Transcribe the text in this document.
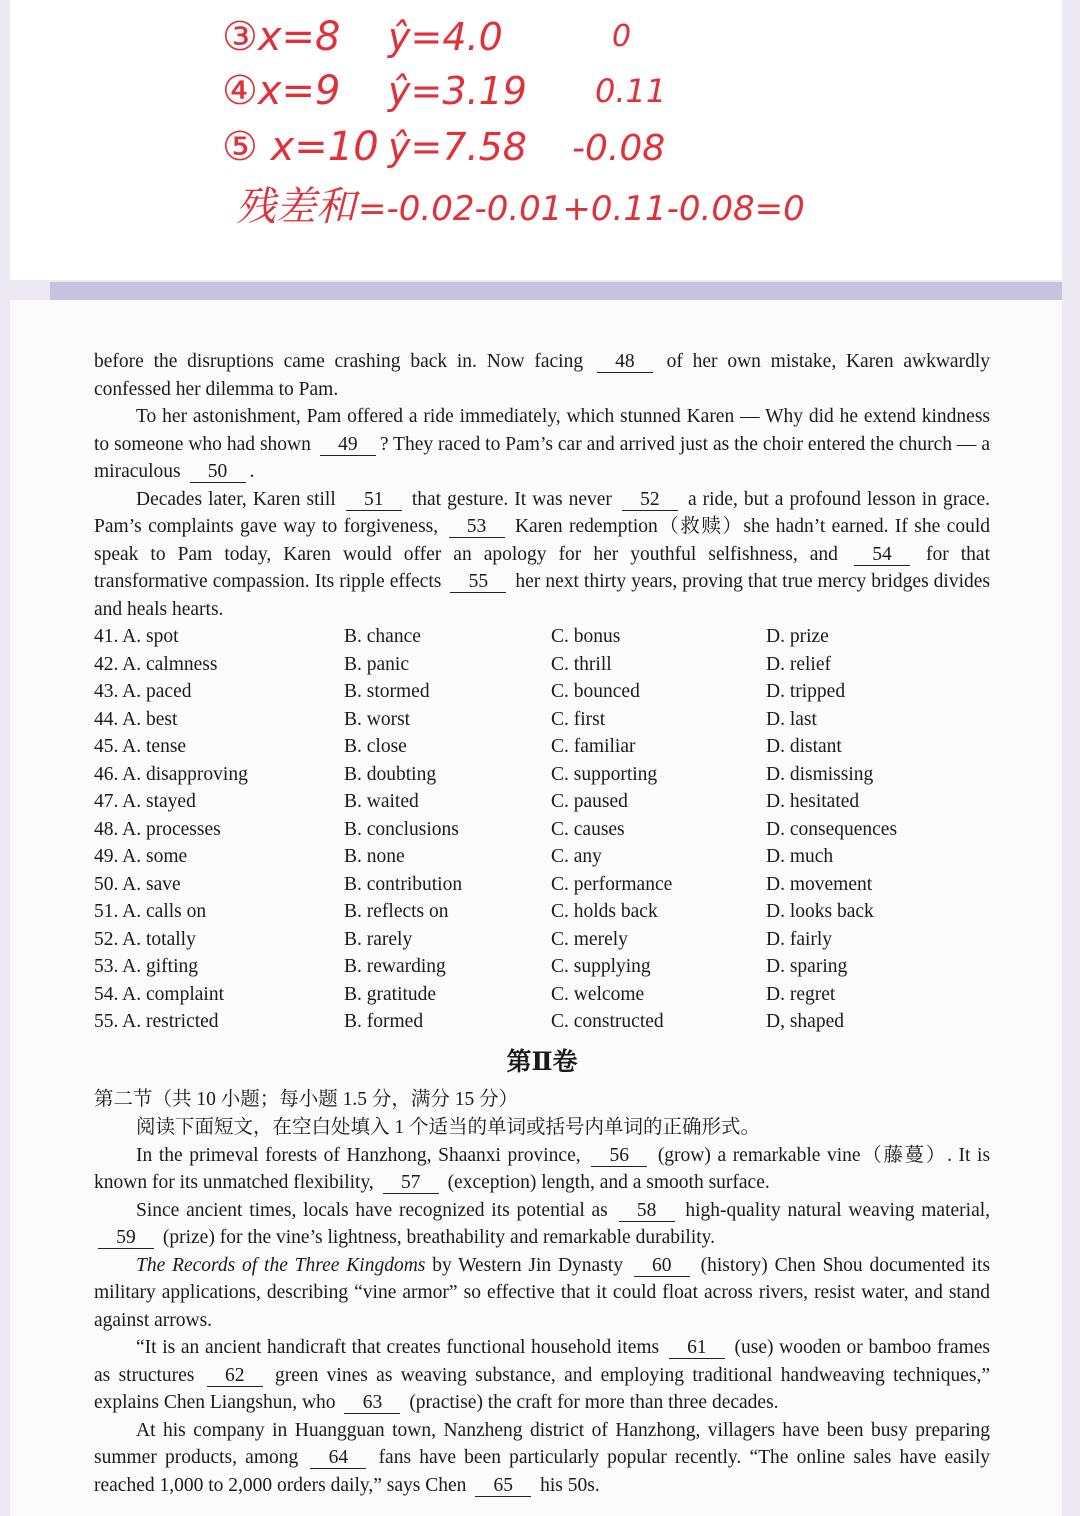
③x=8 ŷ=4.0	0
④x=9 ŷ=3.19 0.11
⑤ x=10 ŷ=7.58 -0.08
残差和 =-0.02-0.01+0.11-0.08=0

before the disruptions came crashing back in. Now facing 48 of her own mistake, Karen awkwardly confessed her dilemma to Pam.

To her astonishment, Pam offered a ride immediately, which stunned Karen — Why did he extend kindness to someone who had shown 49 ? They raced to Pam’s car and arrived just as the choir entered the church — a miraculous 50 .

Decades later, Karen still 51 that gesture. It was never 52 a ride, but a profound lesson in grace. Pam’s complaints gave way to forgiveness, 53 Karen redemption（救赎）she hadn’t earned. If she could speak to Pam today, Karen would offer an apology for her youthful selfishness, and 54 for that transformative compassion. Its ripple effects 55 her next thirty years, proving that true mercy bridges divides and heals hearts.

41. A. spot	B. chance	C. bonus	D. prize
42. A. calmness	B. panic	C. thrill	D. relief
43. A. paced	B. stormed	C. bounced	D. tripped
44. A. best	B. worst	C. first	D. last
45. A. tense	B. close	C. familiar	D. distant
46. A. disapproving	B. doubting	C. supporting	D. dismissing
47. A. stayed	B. waited	C. paused	D. hesitated
48. A. processes	B. conclusions	C. causes	D. consequences
49. A. some	B. none	C. any	D. much
50. A. save	B. contribution	C. performance	D. movement
51. A. calls on	B. reflects on	C. holds back	D. looks back
52. A. totally	B. rarely	C. merely	D. fairly
53. A. gifting	B. rewarding	C. supplying	D. sparing
54. A. complaint	B. gratitude	C. welcome	D. regret
55. A. restricted	B. formed	C. constructed	D, shaped
第Ⅱ卷

第二节（共 10 小题；每小题 1.5 分，满分 15 分）

阅读下面短文，在空白处填入 1 个适当的单词或括号内单词的正确形式。

In the primeval forests of Hanzhong, Shaanxi province, 56 (grow) a remarkable vine（藤蔓）. It is known for its unmatched flexibility, 57 (exception) length, and a smooth surface.

Since ancient times, locals have recognized its potential as 58 high-quality natural weaving material, 59 (prize) for the vine’s lightness, breathability and remarkable durability.

The Records of the Three Kingdoms by Western Jin Dynasty 60 (history) Chen Shou documented its military applications, describing “vine armor” so effective that it could float across rivers, resist water, and stand against arrows.

“It is an ancient handicraft that creates functional household items 61 (use) wooden or bamboo frames as structures 62 green vines as weaving substance, and employing traditional handweaving techniques,” explains Chen Liangshun, who 63 (practise) the craft for more than three decades.

At his company in Huangguan town, Nanzheng district of Hanzhong, villagers have been busy preparing summer products, among 64 fans have been particularly popular recently. “The online sales have easily reached 1,000 to 2,000 orders daily,” says Chen 65 his 50s.
